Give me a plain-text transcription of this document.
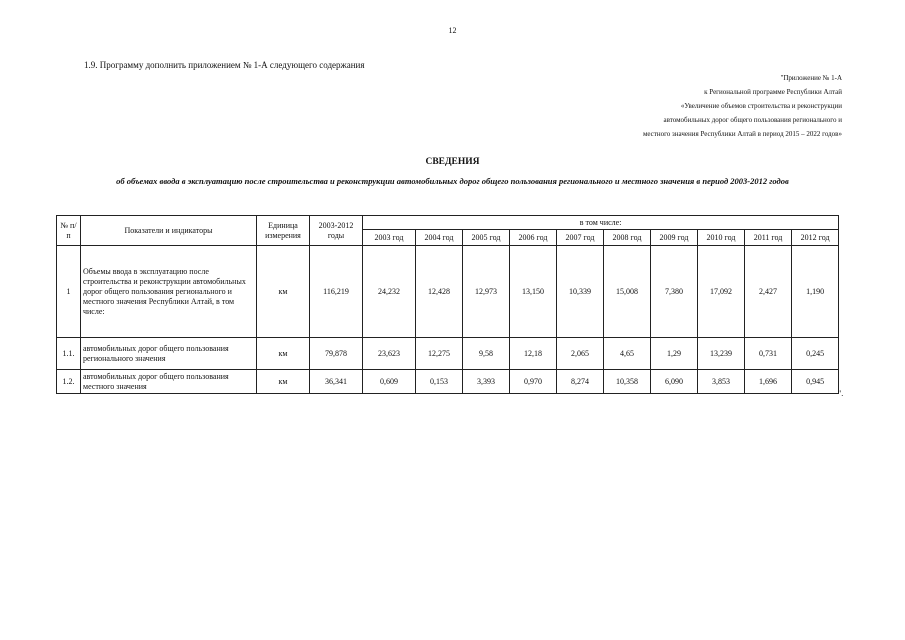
12
1.9. Программу дополнить приложением № 1-А следующего содержания
"Приложение № 1-А
к Региональной программе Республики Алтай
«Увеличение объемов строительства и реконструкции
автомобильных дорог общего пользования регионального и
местного значения Республики Алтай в период 2015 – 2022 годов»
СВЕДЕНИЯ
об объемах ввода в эксплуатацию после строительства и реконструкции автомобильных дорог общего пользования регионального и местного значения в период 2003-2012 годов
№ п/п	Показатели и индикаторы	Единица измерения	2003-2012 годы	в том числе:									
				2003 год	2004 год	2005 год	2006 год	2007 год	2008 год	2009 год	2010 год	2011 год	2012 год
1	Объемы ввода в эксплуатацию после строительства и реконструкции автомобильных дорог общего пользования регионального и местного значения Республики Алтай, в том числе:	км	116,219	24,232	12,428	12,973	13,150	10,339	15,008	7,380	17,092	2,427	1,190
1.1.	автомобильных дорог общего пользования регионального значения	км	79,878	23,623	12,275	9,58	12,18	2,065	4,65	1,29	13,239	0,731	0,245
1.2.	автомобильных дорог общего пользования местного значения	км	36,341	0,609	0,153	3,393	0,970	8,274	10,358	6,090	3,853	1,696	0,945
".
